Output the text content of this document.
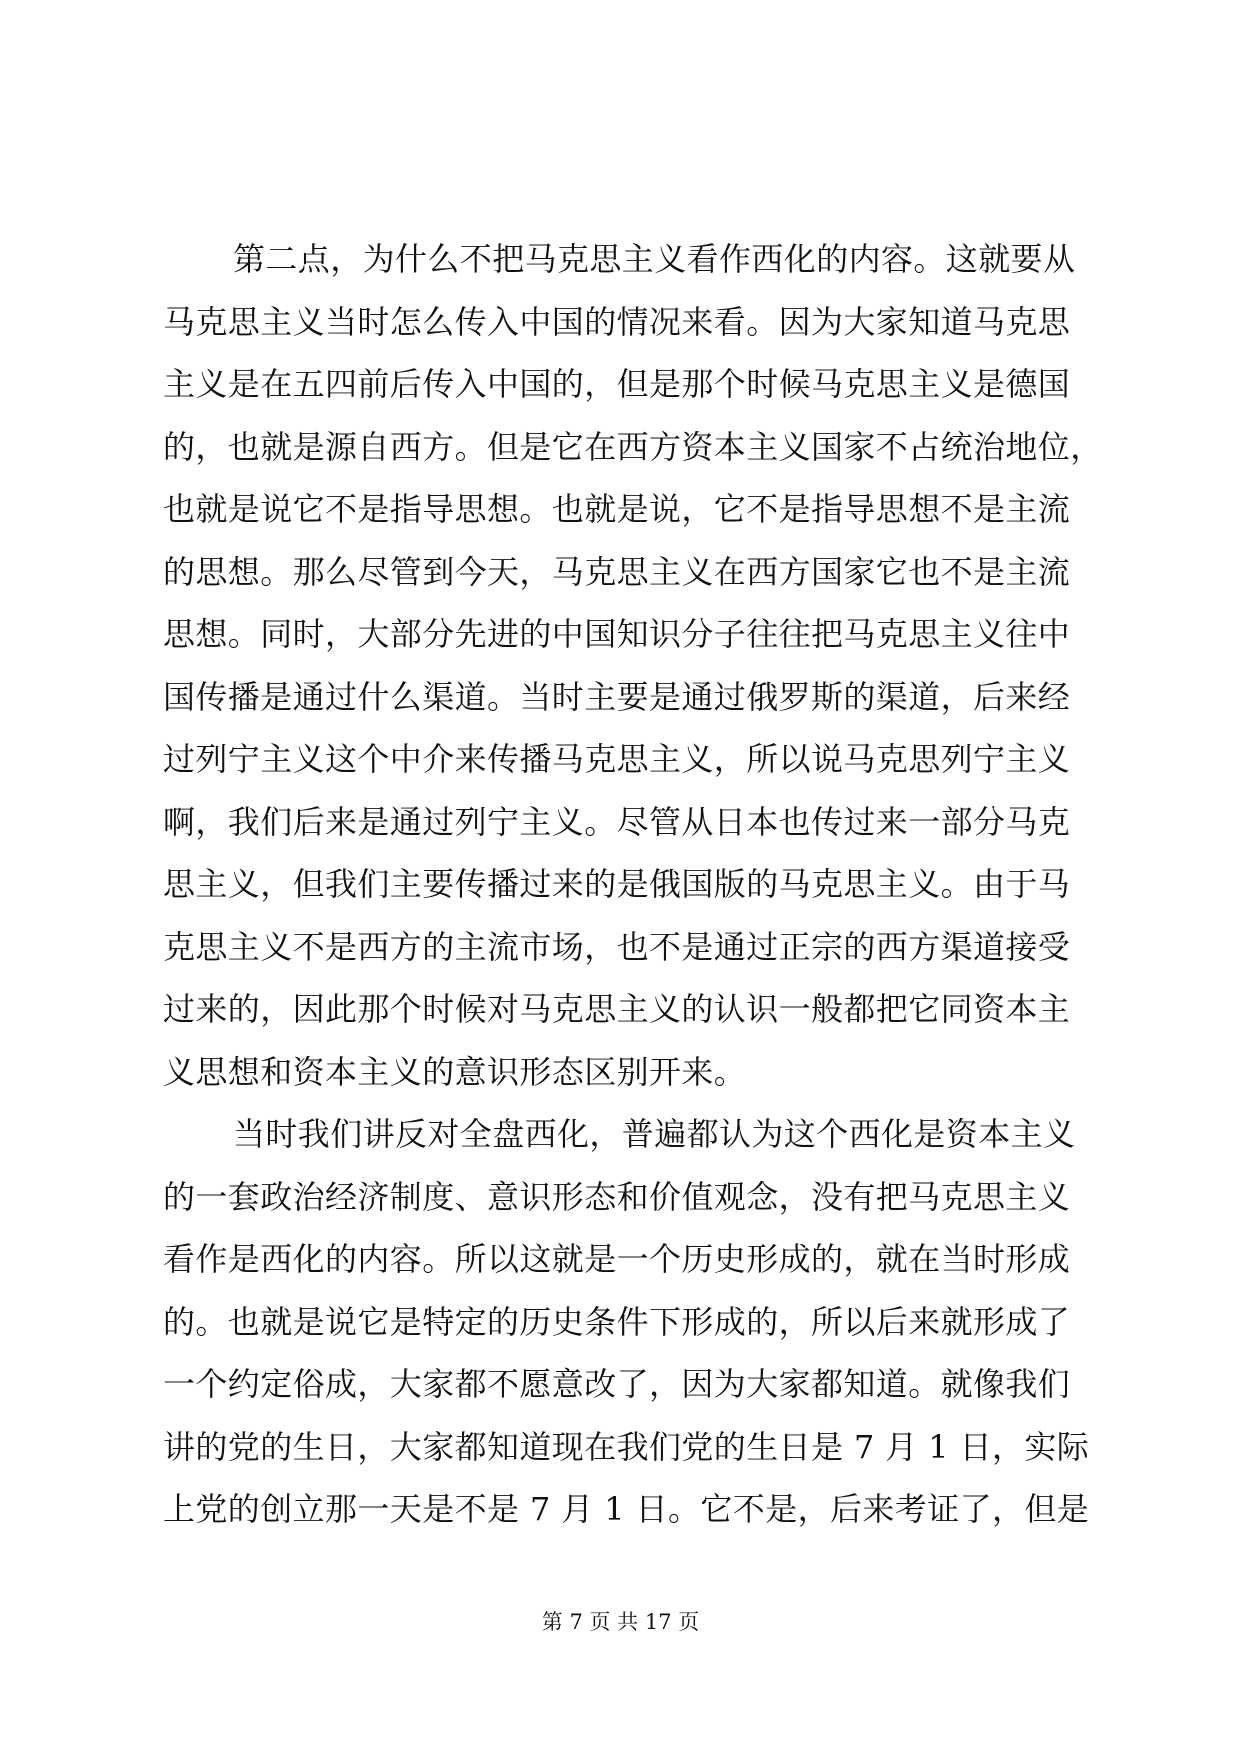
第二点，为什么不把马克思主义看作西化的内容。这就要从
马克思主义当时怎么传入中国的情况来看。因为大家知道马克思
主义是在五四前后传入中国的，但是那个时候马克思主义是德国
的，也就是源自西方。但是它在西方资本主义国家不占统治地位，
也就是说它不是指导思想。也就是说，它不是指导思想不是主流
的思想。那么尽管到今天，马克思主义在西方国家它也不是主流
思想。同时，大部分先进的中国知识分子往往把马克思主义往中
国传播是通过什么渠道。当时主要是通过俄罗斯的渠道，后来经
过列宁主义这个中介来传播马克思主义，所以说马克思列宁主义
啊，我们后来是通过列宁主义。尽管从日本也传过来一部分马克
思主义，但我们主要传播过来的是俄国版的马克思主义。由于马
克思主义不是西方的主流市场，也不是通过正宗的西方渠道接受
过来的，因此那个时候对马克思主义的认识一般都把它同资本主
义思想和资本主义的意识形态区别开来。
当时我们讲反对全盘西化，普遍都认为这个西化是资本主义
的一套政治经济制度、意识形态和价值观念，没有把马克思主义
看作是西化的内容。所以这就是一个历史形成的，就在当时形成
的。也就是说它是特定的历史条件下形成的，所以后来就形成了
一个约定俗成，大家都不愿意改了，因为大家都知道。就像我们
讲的党的生日，大家都知道现在我们党的生日是 7 月 1 日，实际
上党的创立那一天是不是 7 月 1 日。它不是，后来考证了，但是
第 7 页 共 17 页
